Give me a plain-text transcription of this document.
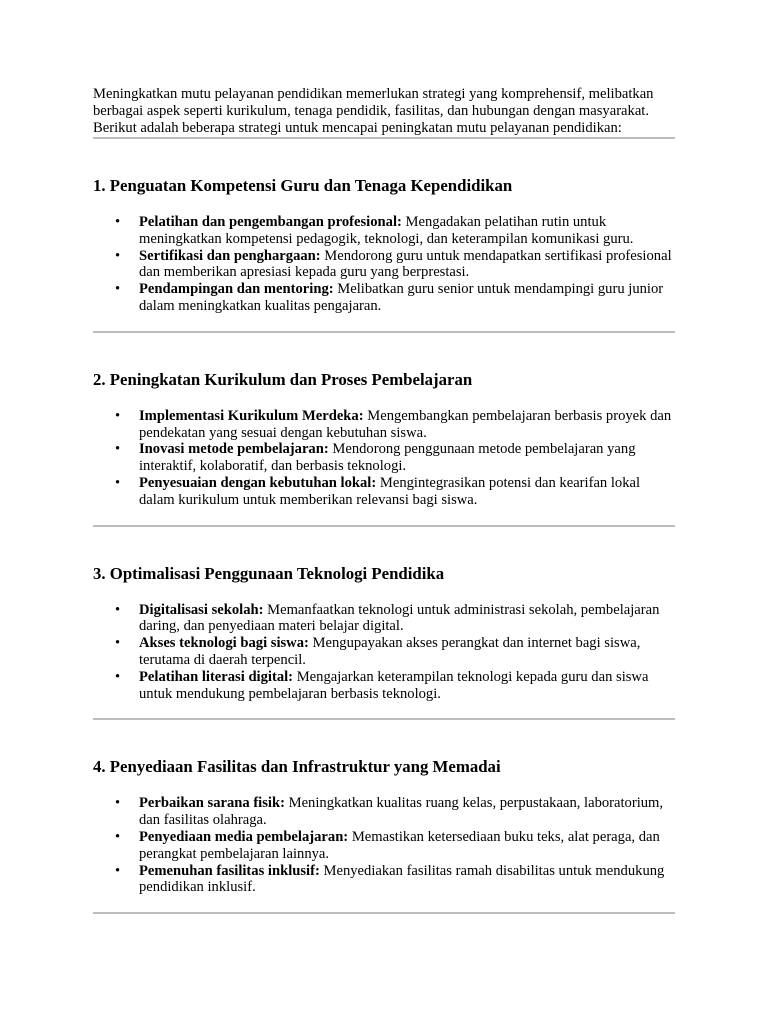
Meningkatkan mutu pelayanan pendidikan memerlukan strategi yang komprehensif, melibatkan berbagai aspek seperti kurikulum, tenaga pendidik, fasilitas, dan hubungan dengan masyarakat. Berikut adalah beberapa strategi untuk mencapai peningkatan mutu pelayanan pendidikan:

1. Penguatan Kompetensi Guru dan Tenaga Kependidikan
• Pelatihan dan pengembangan profesional: Mengadakan pelatihan rutin untuk meningkatkan kompetensi pedagogik, teknologi, dan keterampilan komunikasi guru.
• Sertifikasi dan penghargaan: Mendorong guru untuk mendapatkan sertifikasi profesional dan memberikan apresiasi kepada guru yang berprestasi.
• Pendampingan dan mentoring: Melibatkan guru senior untuk mendampingi guru junior dalam meningkatkan kualitas pengajaran.
2. Peningkatan Kurikulum dan Proses Pembelajaran
• Implementasi Kurikulum Merdeka: Mengembangkan pembelajaran berbasis proyek dan pendekatan yang sesuai dengan kebutuhan siswa.
• Inovasi metode pembelajaran: Mendorong penggunaan metode pembelajaran yang interaktif, kolaboratif, dan berbasis teknologi.
• Penyesuaian dengan kebutuhan lokal: Mengintegrasikan potensi dan kearifan lokal dalam kurikulum untuk memberikan relevansi bagi siswa.
3. Optimalisasi Penggunaan Teknologi Pendidika
• Digitalisasi sekolah: Memanfaatkan teknologi untuk administrasi sekolah, pembelajaran daring, dan penyediaan materi belajar digital.
• Akses teknologi bagi siswa: Mengupayakan akses perangkat dan internet bagi siswa, terutama di daerah terpencil.
• Pelatihan literasi digital: Mengajarkan keterampilan teknologi kepada guru dan siswa untuk mendukung pembelajaran berbasis teknologi.
4. Penyediaan Fasilitas dan Infrastruktur yang Memadai
• Perbaikan sarana fisik: Meningkatkan kualitas ruang kelas, perpustakaan, laboratorium, dan fasilitas olahraga.
• Penyediaan media pembelajaran: Memastikan ketersediaan buku teks, alat peraga, dan perangkat pembelajaran lainnya.
• Pemenuhan fasilitas inklusif: Menyediakan fasilitas ramah disabilitas untuk mendukung pendidikan inklusif.
